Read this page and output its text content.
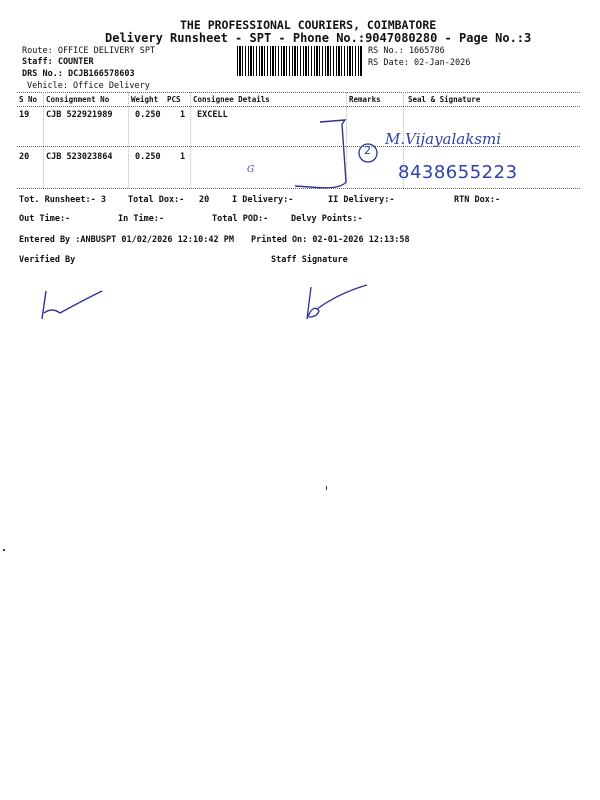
THE PROFESSIONAL COURIERS, COIMBATORE
Delivery Runsheet - SPT - Phone No.:9047080280 - Page No.:3
Route: OFFICE DELIVERY SPT
Staff: COUNTER
DRS No.: DCJB166578603
Vehicle: Office Delivery
RS No.: 1665786
RS Date: 02-Jan-2026
S No Consignment No	Weight PCS Consignee Details	Remarks	Seal & Signature
19 CJB 522921989	0.250 1 EXCELL
20 CJB 523023864	0.250 1
G
2
M.Vijayalaksmi
8438655223
Tot. Runsheet:- 3	Total Dox:- 20	I Delivery:-	II Delivery:-	RTN Dox:-
Out Time:-	In Time:-	Total POD:-	Delvy Points:-
Entered By :ANBUSPT 01/02/2026 12:10:42 PM Printed On: 02-01-2026 12:13:58
Verified By	Staff Signature
